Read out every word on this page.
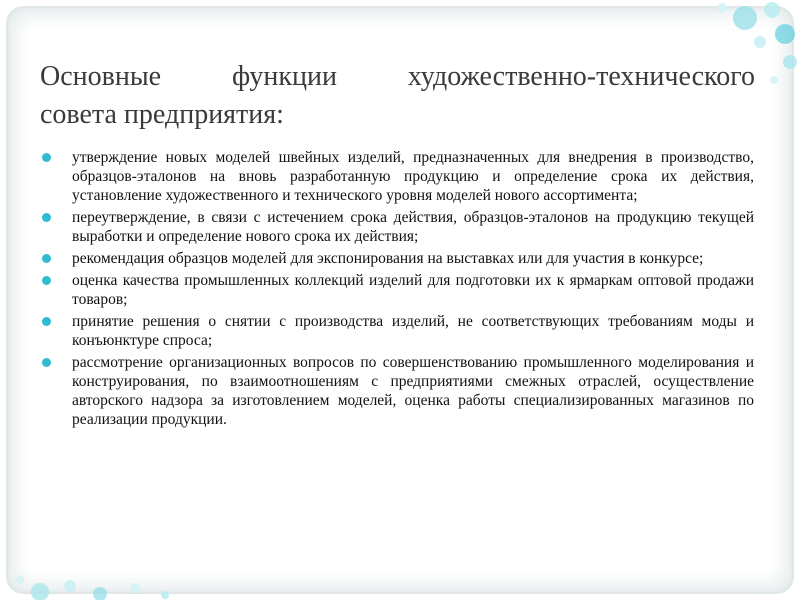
Основные функции художественно-технического
совета предприятия:
утверждение новых моделей швейных изделий, предназначенных для внедрения в производство, образцов-эталонов на вновь разработанную продукцию и определение срока их действия, установление художественного и технического уровня моделей нового ассортимента;
переутверждение, в связи с истечением срока действия, образцов-эталонов на продукцию текущей выработки и определение нового срока их действия;
рекомендация образцов моделей для экспонирования на выставках или для участия в конкурсе;
оценка качества промышленных коллекций изделий для подготовки их к ярмаркам оптовой продажи товаров;
принятие решения о снятии с производства изделий, не соответствующих требованиям моды и конъюнктуре спроса;
рассмотрение организационных вопросов по совершенствованию промышленного моделирования и конструирования, по взаимоотношениям с предприятиями смежных отраслей, осуществление авторского надзора за изготовлением моделей, оценка работы специализированных магазинов по реализации продукции.
